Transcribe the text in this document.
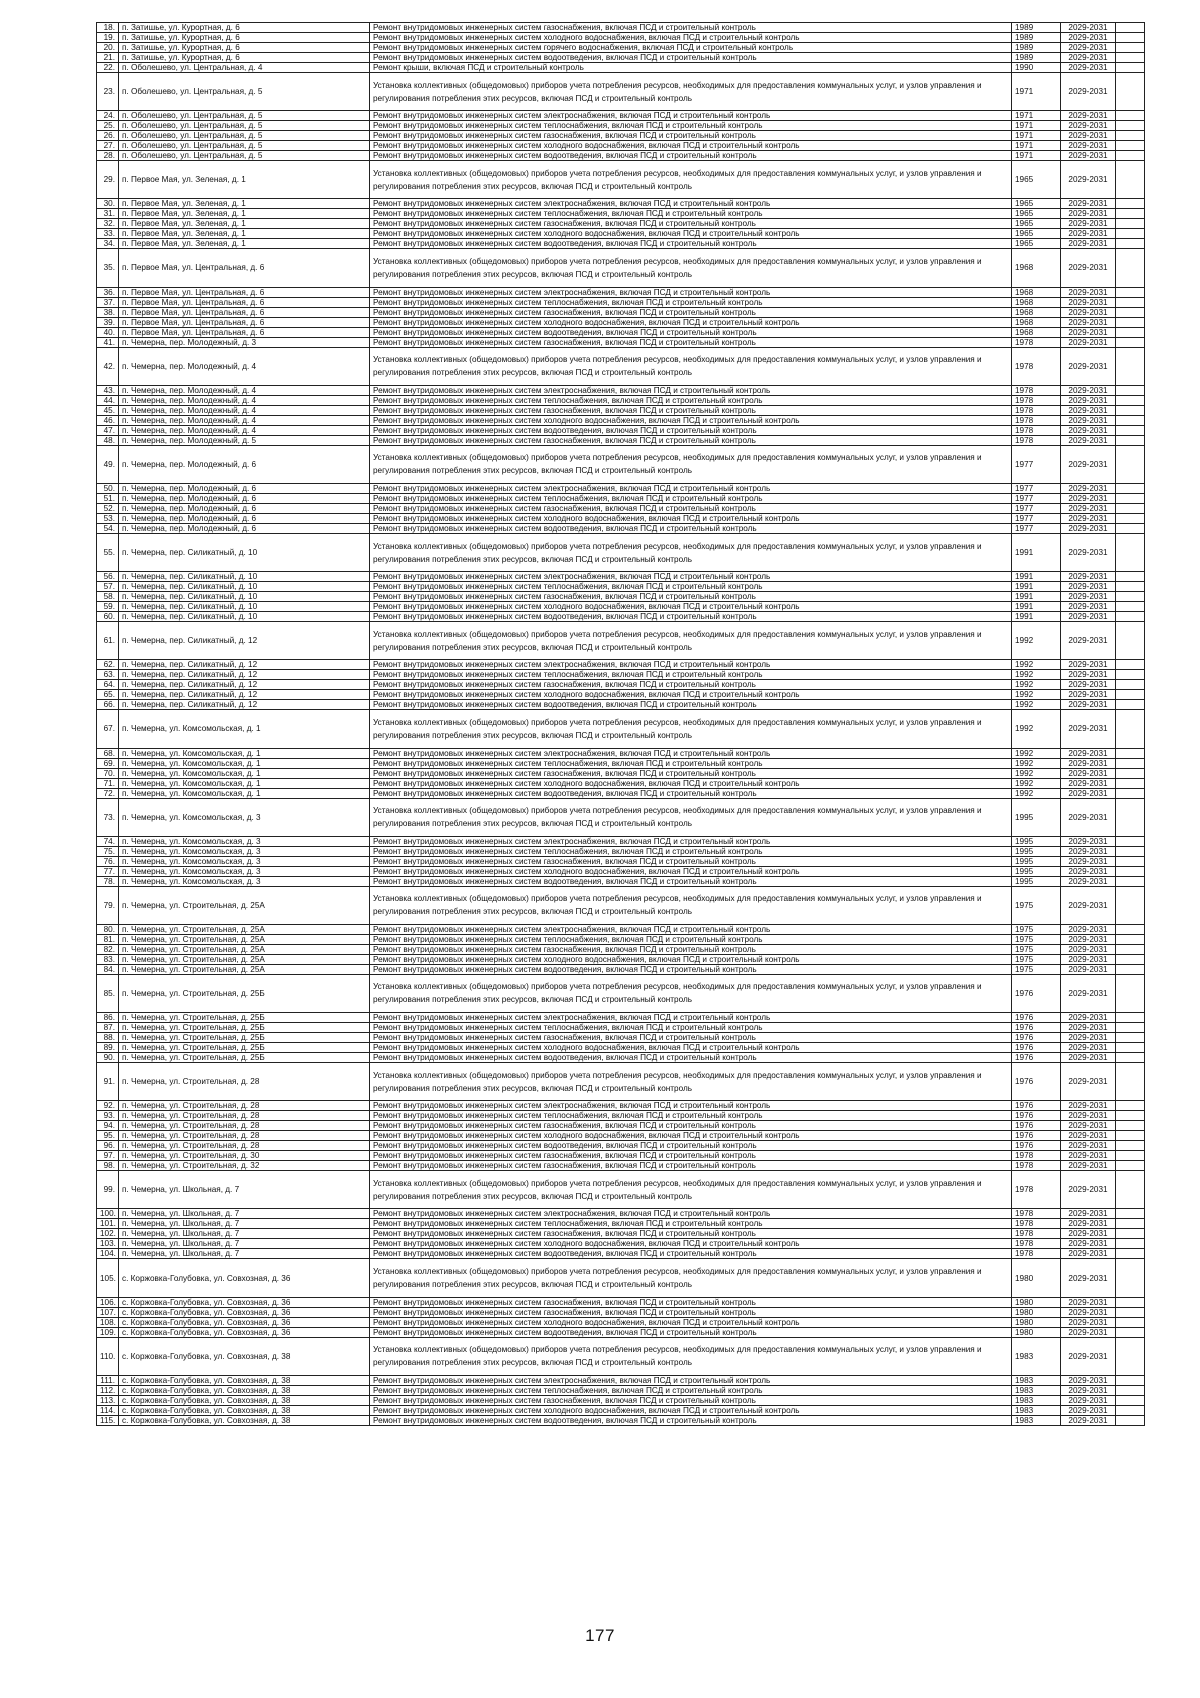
18.	п. Затишье, ул. Курортная, д. 6	Ремонт внутридомовых инженерных систем газоснабжения, включая ПСД и строительный контроль	1989	2029-2031	
19.	п. Затишье, ул. Курортная, д. 6	Ремонт внутридомовых инженерных систем холодного водоснабжения, включая ПСД и строительный контроль	1989	2029-2031	
20.	п. Затишье, ул. Курортная, д. 6	Ремонт внутридомовых инженерных систем горячего водоснабжения, включая ПСД и строительный контроль	1989	2029-2031	
21.	п. Затишье, ул. Курортная, д. 6	Ремонт внутридомовых инженерных систем водоотведения, включая ПСД и строительный контроль	1989	2029-2031	
22.	п. Оболешево, ул. Центральная, д. 4	Ремонт крыши, включая ПСД и строительный контроль	1990	2029-2031	
23.	п. Оболешево, ул. Центральная, д. 5	Установка коллективных (общедомовых) приборов учета потребления ресурсов, необходимых для предоставления коммунальных услуг, и узлов управления и регулирования потребления этих ресурсов, включая ПСД и строительный контроль	1971	2029-2031	
24.	п. Оболешево, ул. Центральная, д. 5	Ремонт внутридомовых инженерных систем электроснабжения, включая ПСД и строительный контроль	1971	2029-2031	
25.	п. Оболешево, ул. Центральная, д. 5	Ремонт внутридомовых инженерных систем теплоснабжения, включая ПСД и строительный контроль	1971	2029-2031	
26.	п. Оболешево, ул. Центральная, д. 5	Ремонт внутридомовых инженерных систем газоснабжения, включая ПСД и строительный контроль	1971	2029-2031	
27.	п. Оболешево, ул. Центральная, д. 5	Ремонт внутридомовых инженерных систем холодного водоснабжения, включая ПСД и строительный контроль	1971	2029-2031	
28.	п. Оболешево, ул. Центральная, д. 5	Ремонт внутридомовых инженерных систем водоотведения, включая ПСД и строительный контроль	1971	2029-2031	
29.	п. Первое Мая, ул. Зеленая, д. 1	Установка коллективных (общедомовых) приборов учета потребления ресурсов, необходимых для предоставления коммунальных услуг, и узлов управления и регулирования потребления этих ресурсов, включая ПСД и строительный контроль	1965	2029-2031	
30.	п. Первое Мая, ул. Зеленая, д. 1	Ремонт внутридомовых инженерных систем электроснабжения, включая ПСД и строительный контроль	1965	2029-2031	
31.	п. Первое Мая, ул. Зеленая, д. 1	Ремонт внутридомовых инженерных систем теплоснабжения, включая ПСД и строительный контроль	1965	2029-2031	
32.	п. Первое Мая, ул. Зеленая, д. 1	Ремонт внутридомовых инженерных систем газоснабжения, включая ПСД и строительный контроль	1965	2029-2031	
33.	п. Первое Мая, ул. Зеленая, д. 1	Ремонт внутридомовых инженерных систем холодного водоснабжения, включая ПСД и строительный контроль	1965	2029-2031	
34.	п. Первое Мая, ул. Зеленая, д. 1	Ремонт внутридомовых инженерных систем водоотведения, включая ПСД и строительный контроль	1965	2029-2031	
35.	п. Первое Мая, ул. Центральная, д. 6	Установка коллективных (общедомовых) приборов учета потребления ресурсов, необходимых для предоставления коммунальных услуг, и узлов управления и регулирования потребления этих ресурсов, включая ПСД и строительный контроль	1968	2029-2031	
36.	п. Первое Мая, ул. Центральная, д. 6	Ремонт внутридомовых инженерных систем электроснабжения, включая ПСД и строительный контроль	1968	2029-2031	
37.	п. Первое Мая, ул. Центральная, д. 6	Ремонт внутридомовых инженерных систем теплоснабжения, включая ПСД и строительный контроль	1968	2029-2031	
38.	п. Первое Мая, ул. Центральная, д. 6	Ремонт внутридомовых инженерных систем газоснабжения, включая ПСД и строительный контроль	1968	2029-2031	
39.	п. Первое Мая, ул. Центральная, д. 6	Ремонт внутридомовых инженерных систем холодного водоснабжения, включая ПСД и строительный контроль	1968	2029-2031	
40.	п. Первое Мая, ул. Центральная, д. 6	Ремонт внутридомовых инженерных систем водоотведения, включая ПСД и строительный контроль	1968	2029-2031	
41.	п. Чемерна, пер. Молодежный, д. 3	Ремонт внутридомовых инженерных систем газоснабжения, включая ПСД и строительный контроль	1978	2029-2031	
42.	п. Чемерна, пер. Молодежный, д. 4	Установка коллективных (общедомовых) приборов учета потребления ресурсов, необходимых для предоставления коммунальных услуг, и узлов управления и регулирования потребления этих ресурсов, включая ПСД и строительный контроль	1978	2029-2031	
43.	п. Чемерна, пер. Молодежный, д. 4	Ремонт внутридомовых инженерных систем электроснабжения, включая ПСД и строительный контроль	1978	2029-2031	
44.	п. Чемерна, пер. Молодежный, д. 4	Ремонт внутридомовых инженерных систем теплоснабжения, включая ПСД и строительный контроль	1978	2029-2031	
45.	п. Чемерна, пер. Молодежный, д. 4	Ремонт внутридомовых инженерных систем газоснабжения, включая ПСД и строительный контроль	1978	2029-2031	
46.	п. Чемерна, пер. Молодежный, д. 4	Ремонт внутридомовых инженерных систем холодного водоснабжения, включая ПСД и строительный контроль	1978	2029-2031	
47.	п. Чемерна, пер. Молодежный, д. 4	Ремонт внутридомовых инженерных систем водоотведения, включая ПСД и строительный контроль	1978	2029-2031	
48.	п. Чемерна, пер. Молодежный, д. 5	Ремонт внутридомовых инженерных систем газоснабжения, включая ПСД и строительный контроль	1978	2029-2031	
49.	п. Чемерна, пер. Молодежный, д. 6	Установка коллективных (общедомовых) приборов учета потребления ресурсов, необходимых для предоставления коммунальных услуг, и узлов управления и регулирования потребления этих ресурсов, включая ПСД и строительный контроль	1977	2029-2031	
50.	п. Чемерна, пер. Молодежный, д. 6	Ремонт внутридомовых инженерных систем электроснабжения, включая ПСД и строительный контроль	1977	2029-2031	
51.	п. Чемерна, пер. Молодежный, д. 6	Ремонт внутридомовых инженерных систем теплоснабжения, включая ПСД и строительный контроль	1977	2029-2031	
52.	п. Чемерна, пер. Молодежный, д. 6	Ремонт внутридомовых инженерных систем газоснабжения, включая ПСД и строительный контроль	1977	2029-2031	
53.	п. Чемерна, пер. Молодежный, д. 6	Ремонт внутридомовых инженерных систем холодного водоснабжения, включая ПСД и строительный контроль	1977	2029-2031	
54.	п. Чемерна, пер. Молодежный, д. 6	Ремонт внутридомовых инженерных систем водоотведения, включая ПСД и строительный контроль	1977	2029-2031	
55.	п. Чемерна, пер. Силикатный, д. 10	Установка коллективных (общедомовых) приборов учета потребления ресурсов, необходимых для предоставления коммунальных услуг, и узлов управления и регулирования потребления этих ресурсов, включая ПСД и строительный контроль	1991	2029-2031	
56.	п. Чемерна, пер. Силикатный, д. 10	Ремонт внутридомовых инженерных систем электроснабжения, включая ПСД и строительный контроль	1991	2029-2031	
57.	п. Чемерна, пер. Силикатный, д. 10	Ремонт внутридомовых инженерных систем теплоснабжения, включая ПСД и строительный контроль	1991	2029-2031	
58.	п. Чемерна, пер. Силикатный, д. 10	Ремонт внутридомовых инженерных систем газоснабжения, включая ПСД и строительный контроль	1991	2029-2031	
59.	п. Чемерна, пер. Силикатный, д. 10	Ремонт внутридомовых инженерных систем холодного водоснабжения, включая ПСД и строительный контроль	1991	2029-2031	
60.	п. Чемерна, пер. Силикатный, д. 10	Ремонт внутридомовых инженерных систем водоотведения, включая ПСД и строительный контроль	1991	2029-2031	
61.	п. Чемерна, пер. Силикатный, д. 12	Установка коллективных (общедомовых) приборов учета потребления ресурсов, необходимых для предоставления коммунальных услуг, и узлов управления и регулирования потребления этих ресурсов, включая ПСД и строительный контроль	1992	2029-2031	
62.	п. Чемерна, пер. Силикатный, д. 12	Ремонт внутридомовых инженерных систем электроснабжения, включая ПСД и строительный контроль	1992	2029-2031	
63.	п. Чемерна, пер. Силикатный, д. 12	Ремонт внутридомовых инженерных систем теплоснабжения, включая ПСД и строительный контроль	1992	2029-2031	
64.	п. Чемерна, пер. Силикатный, д. 12	Ремонт внутридомовых инженерных систем газоснабжения, включая ПСД и строительный контроль	1992	2029-2031	
65.	п. Чемерна, пер. Силикатный, д. 12	Ремонт внутридомовых инженерных систем холодного водоснабжения, включая ПСД и строительный контроль	1992	2029-2031	
66.	п. Чемерна, пер. Силикатный, д. 12	Ремонт внутридомовых инженерных систем водоотведения, включая ПСД и строительный контроль	1992	2029-2031	
67.	п. Чемерна, ул. Комсомольская, д. 1	Установка коллективных (общедомовых) приборов учета потребления ресурсов, необходимых для предоставления коммунальных услуг, и узлов управления и регулирования потребления этих ресурсов, включая ПСД и строительный контроль	1992	2029-2031	
68.	п. Чемерна, ул. Комсомольская, д. 1	Ремонт внутридомовых инженерных систем электроснабжения, включая ПСД и строительный контроль	1992	2029-2031	
69.	п. Чемерна, ул. Комсомольская, д. 1	Ремонт внутридомовых инженерных систем теплоснабжения, включая ПСД и строительный контроль	1992	2029-2031	
70.	п. Чемерна, ул. Комсомольская, д. 1	Ремонт внутридомовых инженерных систем газоснабжения, включая ПСД и строительный контроль	1992	2029-2031	
71.	п. Чемерна, ул. Комсомольская, д. 1	Ремонт внутридомовых инженерных систем холодного водоснабжения, включая ПСД и строительный контроль	1992	2029-2031	
72.	п. Чемерна, ул. Комсомольская, д. 1	Ремонт внутридомовых инженерных систем водоотведения, включая ПСД и строительный контроль	1992	2029-2031	
73.	п. Чемерна, ул. Комсомольская, д. 3	Установка коллективных (общедомовых) приборов учета потребления ресурсов, необходимых для предоставления коммунальных услуг, и узлов управления и регулирования потребления этих ресурсов, включая ПСД и строительный контроль	1995	2029-2031	
74.	п. Чемерна, ул. Комсомольская, д. 3	Ремонт внутридомовых инженерных систем электроснабжения, включая ПСД и строительный контроль	1995	2029-2031	
75.	п. Чемерна, ул. Комсомольская, д. 3	Ремонт внутридомовых инженерных систем теплоснабжения, включая ПСД и строительный контроль	1995	2029-2031	
76.	п. Чемерна, ул. Комсомольская, д. 3	Ремонт внутридомовых инженерных систем газоснабжения, включая ПСД и строительный контроль	1995	2029-2031	
77.	п. Чемерна, ул. Комсомольская, д. 3	Ремонт внутридомовых инженерных систем холодного водоснабжения, включая ПСД и строительный контроль	1995	2029-2031	
78.	п. Чемерна, ул. Комсомольская, д. 3	Ремонт внутридомовых инженерных систем водоотведения, включая ПСД и строительный контроль	1995	2029-2031	
79.	п. Чемерна, ул. Строительная, д. 25А	Установка коллективных (общедомовых) приборов учета потребления ресурсов, необходимых для предоставления коммунальных услуг, и узлов управления и регулирования потребления этих ресурсов, включая ПСД и строительный контроль	1975	2029-2031	
80.	п. Чемерна, ул. Строительная, д. 25А	Ремонт внутридомовых инженерных систем электроснабжения, включая ПСД и строительный контроль	1975	2029-2031	
81.	п. Чемерна, ул. Строительная, д. 25А	Ремонт внутридомовых инженерных систем теплоснабжения, включая ПСД и строительный контроль	1975	2029-2031	
82.	п. Чемерна, ул. Строительная, д. 25А	Ремонт внутридомовых инженерных систем газоснабжения, включая ПСД и строительный контроль	1975	2029-2031	
83.	п. Чемерна, ул. Строительная, д. 25А	Ремонт внутридомовых инженерных систем холодного водоснабжения, включая ПСД и строительный контроль	1975	2029-2031	
84.	п. Чемерна, ул. Строительная, д. 25А	Ремонт внутридомовых инженерных систем водоотведения, включая ПСД и строительный контроль	1975	2029-2031	
85.	п. Чемерна, ул. Строительная, д. 25Б	Установка коллективных (общедомовых) приборов учета потребления ресурсов, необходимых для предоставления коммунальных услуг, и узлов управления и регулирования потребления этих ресурсов, включая ПСД и строительный контроль	1976	2029-2031	
86.	п. Чемерна, ул. Строительная, д. 25Б	Ремонт внутридомовых инженерных систем электроснабжения, включая ПСД и строительный контроль	1976	2029-2031	
87.	п. Чемерна, ул. Строительная, д. 25Б	Ремонт внутридомовых инженерных систем теплоснабжения, включая ПСД и строительный контроль	1976	2029-2031	
88.	п. Чемерна, ул. Строительная, д. 25Б	Ремонт внутридомовых инженерных систем газоснабжения, включая ПСД и строительный контроль	1976	2029-2031	
89.	п. Чемерна, ул. Строительная, д. 25Б	Ремонт внутридомовых инженерных систем холодного водоснабжения, включая ПСД и строительный контроль	1976	2029-2031	
90.	п. Чемерна, ул. Строительная, д. 25Б	Ремонт внутридомовых инженерных систем водоотведения, включая ПСД и строительный контроль	1976	2029-2031	
91.	п. Чемерна, ул. Строительная, д. 28	Установка коллективных (общедомовых) приборов учета потребления ресурсов, необходимых для предоставления коммунальных услуг, и узлов управления и регулирования потребления этих ресурсов, включая ПСД и строительный контроль	1976	2029-2031	
92.	п. Чемерна, ул. Строительная, д. 28	Ремонт внутридомовых инженерных систем электроснабжения, включая ПСД и строительный контроль	1976	2029-2031	
93.	п. Чемерна, ул. Строительная, д. 28	Ремонт внутридомовых инженерных систем теплоснабжения, включая ПСД и строительный контроль	1976	2029-2031	
94.	п. Чемерна, ул. Строительная, д. 28	Ремонт внутридомовых инженерных систем газоснабжения, включая ПСД и строительный контроль	1976	2029-2031	
95.	п. Чемерна, ул. Строительная, д. 28	Ремонт внутридомовых инженерных систем холодного водоснабжения, включая ПСД и строительный контроль	1976	2029-2031	
96.	п. Чемерна, ул. Строительная, д. 28	Ремонт внутридомовых инженерных систем водоотведения, включая ПСД и строительный контроль	1976	2029-2031	
97.	п. Чемерна, ул. Строительная, д. 30	Ремонт внутридомовых инженерных систем газоснабжения, включая ПСД и строительный контроль	1978	2029-2031	
98.	п. Чемерна, ул. Строительная, д. 32	Ремонт внутридомовых инженерных систем газоснабжения, включая ПСД и строительный контроль	1978	2029-2031	
99.	п. Чемерна, ул. Школьная, д. 7	Установка коллективных (общедомовых) приборов учета потребления ресурсов, необходимых для предоставления коммунальных услуг, и узлов управления и регулирования потребления этих ресурсов, включая ПСД и строительный контроль	1978	2029-2031	
100.	п. Чемерна, ул. Школьная, д. 7	Ремонт внутридомовых инженерных систем электроснабжения, включая ПСД и строительный контроль	1978	2029-2031	
101.	п. Чемерна, ул. Школьная, д. 7	Ремонт внутридомовых инженерных систем теплоснабжения, включая ПСД и строительный контроль	1978	2029-2031	
102.	п. Чемерна, ул. Школьная, д. 7	Ремонт внутридомовых инженерных систем газоснабжения, включая ПСД и строительный контроль	1978	2029-2031	
103.	п. Чемерна, ул. Школьная, д. 7	Ремонт внутридомовых инженерных систем холодного водоснабжения, включая ПСД и строительный контроль	1978	2029-2031	
104.	п. Чемерна, ул. Школьная, д. 7	Ремонт внутридомовых инженерных систем водоотведения, включая ПСД и строительный контроль	1978	2029-2031	
105.	с. Коржовка-Голубовка, ул. Совхозная, д. 36	Установка коллективных (общедомовых) приборов учета потребления ресурсов, необходимых для предоставления коммунальных услуг, и узлов управления и регулирования потребления этих ресурсов, включая ПСД и строительный контроль	1980	2029-2031	
106.	с. Коржовка-Голубовка, ул. Совхозная, д. 36	Ремонт внутридомовых инженерных систем газоснабжения, включая ПСД и строительный контроль	1980	2029-2031	
107.	с. Коржовка-Голубовка, ул. Совхозная, д. 36	Ремонт внутридомовых инженерных систем газоснабжения, включая ПСД и строительный контроль	1980	2029-2031	
108.	с. Коржовка-Голубовка, ул. Совхозная, д. 36	Ремонт внутридомовых инженерных систем холодного водоснабжения, включая ПСД и строительный контроль	1980	2029-2031	
109.	с. Коржовка-Голубовка, ул. Совхозная, д. 36	Ремонт внутридомовых инженерных систем водоотведения, включая ПСД и строительный контроль	1980	2029-2031	
110.	с. Коржовка-Голубовка, ул. Совхозная, д. 38	Установка коллективных (общедомовых) приборов учета потребления ресурсов, необходимых для предоставления коммунальных услуг, и узлов управления и регулирования потребления этих ресурсов, включая ПСД и строительный контроль	1983	2029-2031	
111.	с. Коржовка-Голубовка, ул. Совхозная, д. 38	Ремонт внутридомовых инженерных систем электроснабжения, включая ПСД и строительный контроль	1983	2029-2031	
112.	с. Коржовка-Голубовка, ул. Совхозная, д. 38	Ремонт внутридомовых инженерных систем теплоснабжения, включая ПСД и строительный контроль	1983	2029-2031	
113.	с. Коржовка-Голубовка, ул. Совхозная, д. 38	Ремонт внутридомовых инженерных систем газоснабжения, включая ПСД и строительный контроль	1983	2029-2031	
114.	с. Коржовка-Голубовка, ул. Совхозная, д. 38	Ремонт внутридомовых инженерных систем холодного водоснабжения, включая ПСД и строительный контроль	1983	2029-2031	
115.	с. Коржовка-Голубовка, ул. Совхозная, д. 38	Ремонт внутридомовых инженерных систем водоотведения, включая ПСД и строительный контроль	1983	2029-2031	
177
